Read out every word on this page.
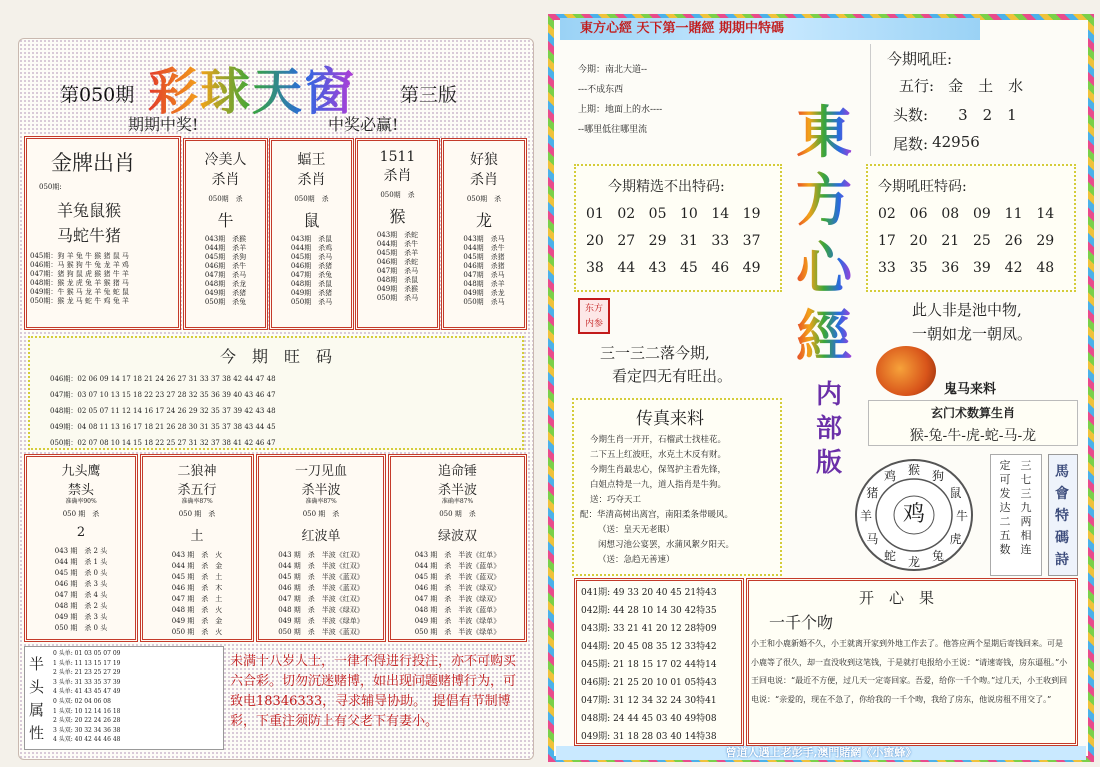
第050期 彩球天窗 第三版
期期中奖!	中奖必赢!
金牌出肖
050期:
羊兔鼠猴
马蛇牛猪
045期：狗 羊 兔 牛 猴 猪 鼠 马
046期：马 猴 狗 牛 兔 龙 羊 鸡
047期：猪 狗 鼠 虎 猴 猪 牛 羊
048期：猴 龙 虎 兔 羊 猴 猪 马
049期：牛 猴 马 龙 羊 兔 蛇 鼠
050期：猴 龙 马 蛇 牛 鸡 兔 羊
冷美人
杀肖
050期　杀
牛
043期　杀猴
044期　杀羊
045期　杀狗
046期　杀牛
047期　杀马
048期　杀龙
049期　杀猪
050期　杀兔
蝠王
杀肖
050期　杀
鼠
043期　杀鼠
044期　杀鸡
045期　杀马
046期　杀猪
047期　杀兔
048期　杀鼠
049期　杀猪
050期　杀马
1511
杀肖
050期　杀
猴
043期　杀蛇
044期　杀牛
045期　杀羊
046期　杀蛇
047期　杀马
048期　杀鼠
049期　杀猴
050期　杀马
好狼
杀肖
050期　杀
龙
043期　杀马
044期　杀牛
045期　杀猪
046期　杀猪
047期　杀马
048期　杀羊
049期　杀龙
050期　杀马
今　期　旺　码
046期：02 06 09 14 17 18 21 24 26 27 31 33 37 38 42 44 47 48
047期：03 07 10 13 15 18 22 23 27 28 32 35 36 39 40 43 46 47
048期：02 05 07 11 12 14 16 17 24 26 29 32 35 37 39 42 43 48
049期：04 08 11 13 16 17 18 21 26 28 30 31 35 37 38 43 44 45
050期：02 07 08 10 14 15 18 22 25 27 31 32 37 38 41 42 46 47
九头鹰
禁头
准确率90%
050 期　杀
2
043 期　杀 2 头
044 期　杀 1 头
045 期　杀 0 头
046 期　杀 3 头
047 期　杀 4 头
048 期　杀 2 头
049 期　杀 3 头
050 期　杀 0 头
二狼神
杀五行
准确率87%
050 期　杀
土
043 期　杀　火
044 期　杀　金
045 期　杀　土
046 期　杀　木
047 期　杀　土
048 期　杀　火
049 期　杀　金
050 期　杀　火
一刀见血
杀半波
准确率87%
050 期　杀
红波单
043 期　杀　半波《红双》
044 期　杀　半波《红双》
045 期　杀　半波《蓝双》
046 期　杀　半波《蓝双》
047 期　杀　半波《红双》
048 期　杀　半波《绿双》
049 期　杀　半波《绿单》
050 期　杀　半波《蓝双》
追命锤
杀半波
准确率87%
050 期　杀
绿波双
043 期　杀　半波《红单》
044 期　杀　半波《蓝单》
045 期　杀　半波《蓝双》
046 期　杀　半波《绿双》
047 期　杀　半波《绿双》
048 期　杀　半波《蓝单》
049 期　杀　半波《绿单》
050 期　杀　半波《绿单》
半头属性
0 头单: 01 03 05 07 09
1 头单: 11 13 15 17 19
2 头单: 21 23 25 27 29
3 头单: 31 33 35 37 39
4 头单: 41 43 45 47 49
0 头双: 02 04 06 08
1 头双: 10 12 14 16 18
2 头双: 20 22 24 26 28
3 头双: 30 32 34 36 38
4 头双: 40 42 44 46 48
未满十八岁人士，一律不得进行投注，亦不可购买六合彩。切勿沉迷赌博，如出现问题赌博行为，可致电18346333，寻求辅导协助。　提倡有节制博彩，下重注须防上有父老下有妻小。
東方心經 天下第一賭經 期期中特碼
今期：南北大道--
---不成东西
上期：地面上的水----
--哪里低往哪里流
今期吼旺:
五行: 金　土　水
头数: 3　2　1
尾数: 42956
今期精选不出特码:
01 02 05 10 14 19
20 27 29 31 33 37
38 44 43 45 46 49
今期吼旺特码:
02 06 08 09 11 14
17 20 21 25 26 29
33 35 36 39 42 48
東方心經
内部版
东方内参
三一三二落今期,
看定四无有旺出。
此人非是池中物,
一朝如龙一朝凤。
鬼马来料
玄门术数算生肖
猴-兔-牛-虎-蛇-马-龙
传真来料
今期生肖一开开，石榴武士找桂花。
二下五上红波旺，水克土木反有财。
今期生肖最忠心，保驾护主看先锋，
白姐点特是一九，道人指肖是牛狗。
送：巧夺天工
配：华清高树出离宫，南阳柔条带暖风。
（送：皇天无老眼）
闲想习池公宴罢，水蒲风絮夕阳天。
（送：急趋无善速）
猴 狗
鼠
牛
虎
兔
龙
蛇
马
羊
猪
鸡
鸡
三七三九两相连
定可发达二五数
馬會特碼詩
041期: 49 33 20 40 45 21特43
042期: 44 28 10 14 30 42特35
043期: 33 21 41 20 12 28特09
044期: 20 45 08 35 12 33特42
045期: 21 18 15 17 02 44特14
046期: 21 25 20 10 01 05特43
047期: 31 12 34 32 24 30特41
048期: 24 44 45 03 40 49特08
049期: 31 18 28 03 40 14特38
开　心　果
一千个吻
小王和小鹿新婚不久，小王就离开家到外地工作去了。他答应两个星期后寄钱回来。可是小鹿等了很久，却一直没收到这笔钱，于是就打电报给小王说：“请速寄钱，房东逼租。”小王回电说：“最近不方便，过几天一定寄回家。吾爱，给你一千个吻。”过几天，小王收到回电说：“亲爱的，现在不急了，你给我的一千个吻，我给了房东，他说房租不用交了。”
曾道人遇上老彭手,澳門賭網《小蜜蜂》
